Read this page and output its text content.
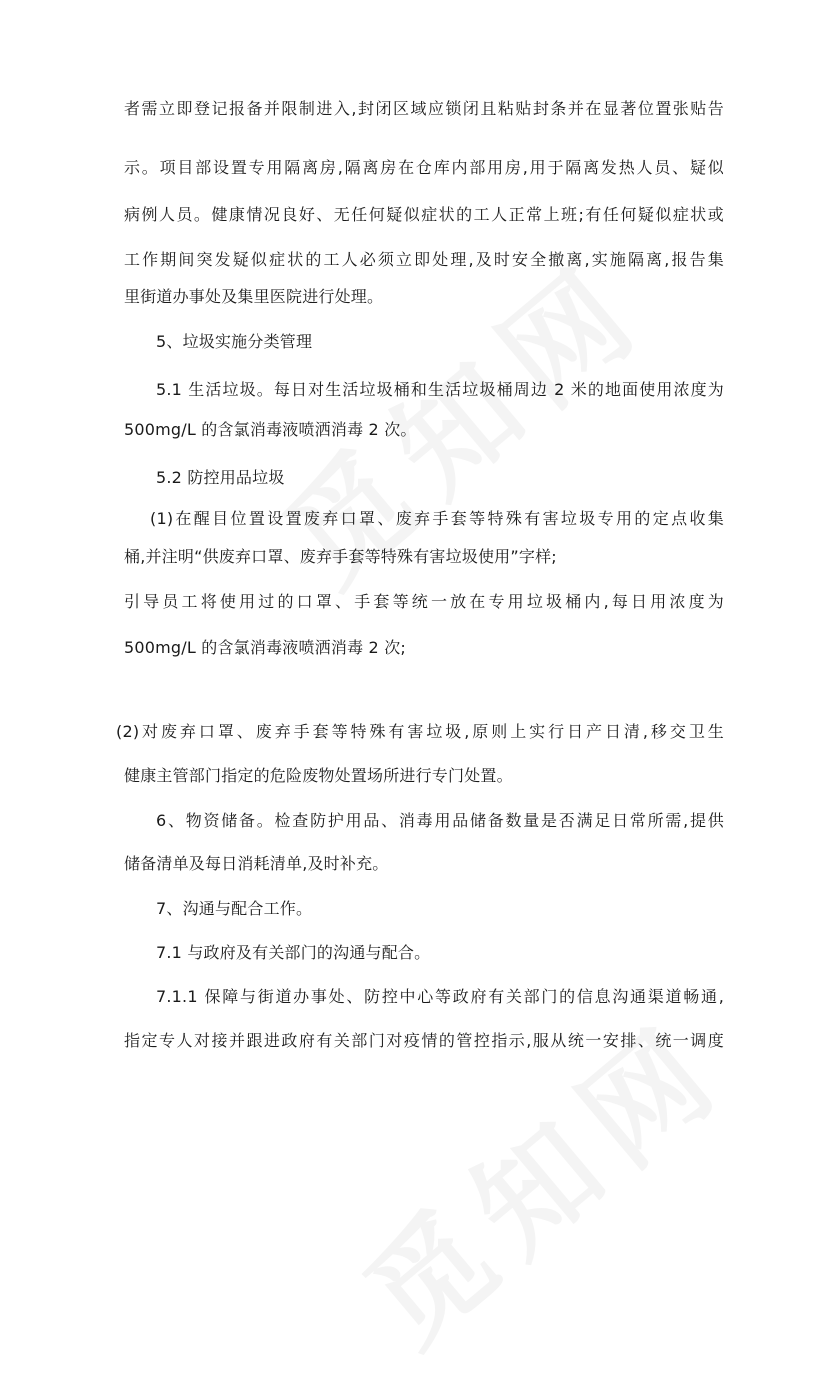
者需立即登记报备并限制进入,封闭区域应锁闭且粘贴封条并在显著位置张贴告
示。项目部设置专用隔离房,隔离房在仓库内部用房,用于隔离发热人员、疑似
病例人员。健康情况良好、无任何疑似症状的工人正常上班;有任何疑似症状或
工作期间突发疑似症状的工人必须立即处理,及时安全撤离,实施隔离,报告集
里街道办事处及集里医院进行处理。
5、垃圾实施分类管理
5.1 生活垃圾。每日对生活垃圾桶和生活垃圾桶周边 2 米的地面使用浓度为
500mg/L 的含氯消毒液喷洒消毒 2 次。
5.2 防控用品垃圾
(1)在醒目位置设置废弃口罩、废弃手套等特殊有害垃圾专用的定点收集
桶,并注明“供废弃口罩、废弃手套等特殊有害垃圾使用”字样;
引导员工将使用过的口罩、手套等统一放在专用垃圾桶内,每日用浓度为
500mg/L 的含氯消毒液喷洒消毒 2 次;
(2)对废弃口罩、废弃手套等特殊有害垃圾,原则上实行日产日清,移交卫生
健康主管部门指定的危险废物处置场所进行专门处置。
6、物资储备。检查防护用品、消毒用品储备数量是否满足日常所需,提供
储备清单及每日消耗清单,及时补充。
7、沟通与配合工作。
7.1 与政府及有关部门的沟通与配合。
7.1.1 保障与街道办事处、防控中心等政府有关部门的信息沟通渠道畅通,
指定专人对接并跟进政府有关部门对疫情的管控指示,服从统一安排、统一调度
